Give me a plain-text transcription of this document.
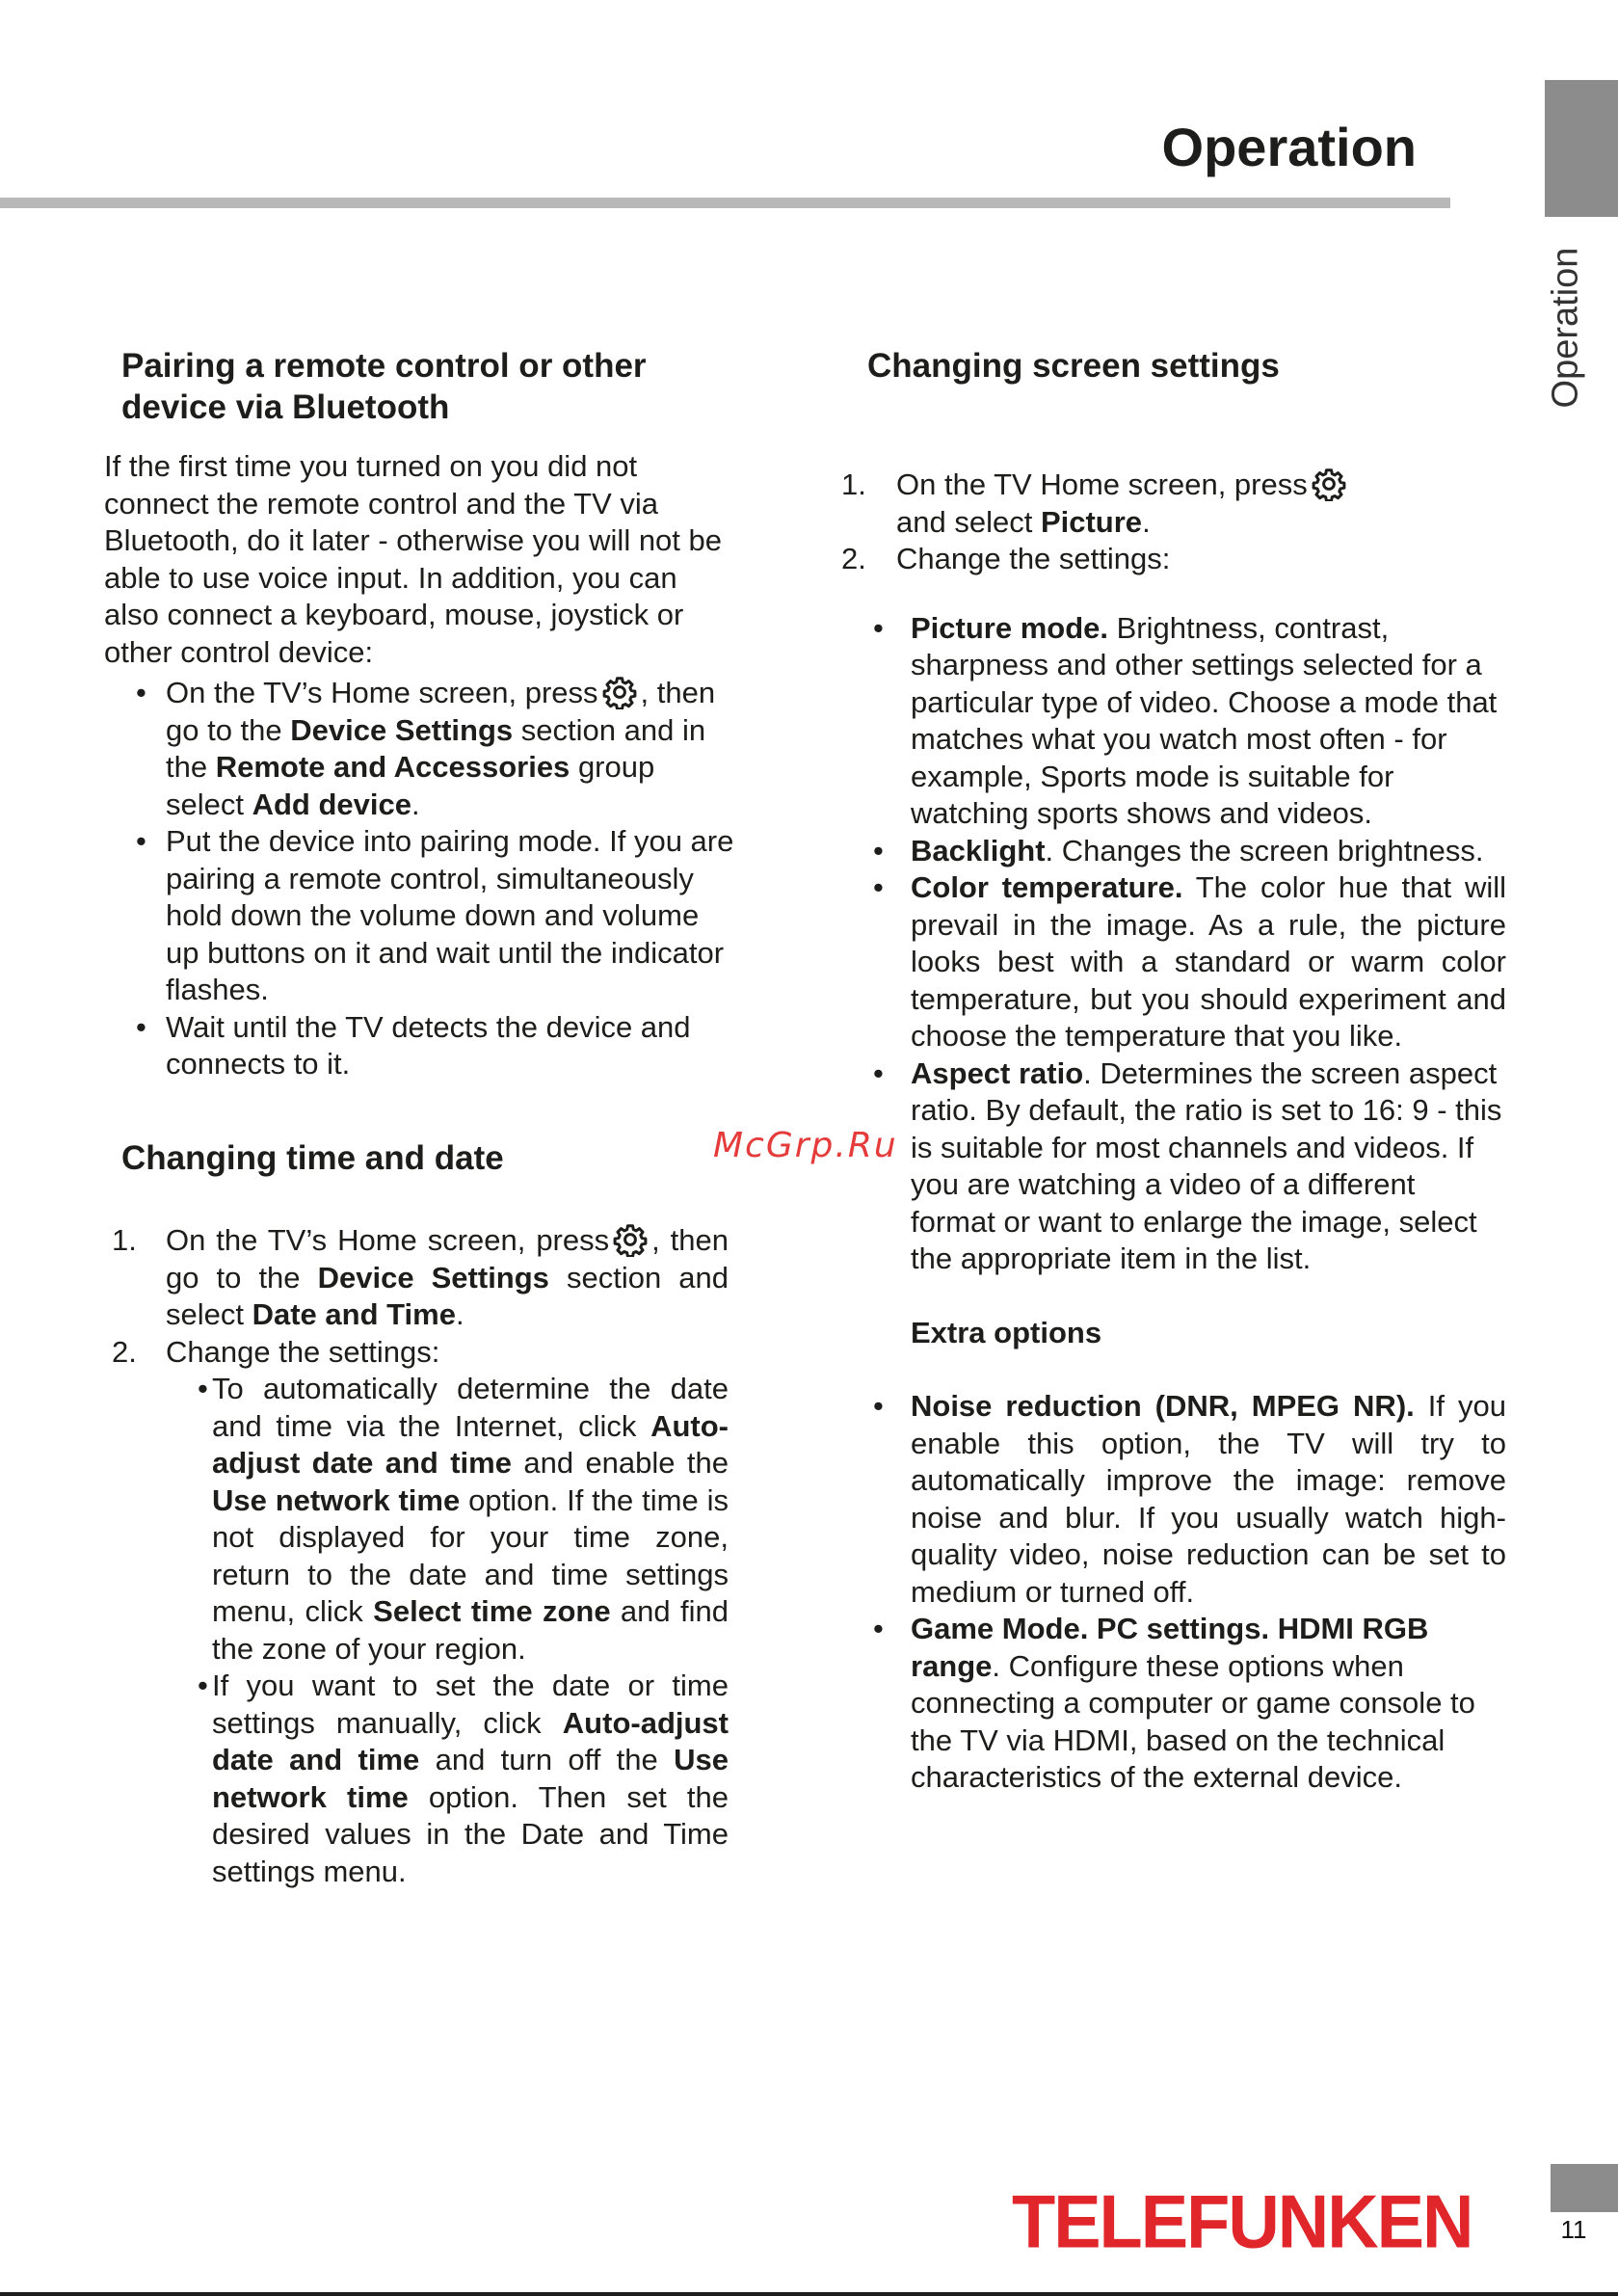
Operation
Operation
Pairing a remote control or other device via Bluetooth

If the first time you turned on you did not connect the remote control and the TV via Bluetooth, do it later - otherwise you will not be able to use voice input. In addition, you can also connect a keyboard, mouse, joystick or other control device:

• On the TV’s Home screen, press , then go to the Device Settings section and in the Remote and Accessories group select Add device.
• Put the device into pairing mode. If you are pairing a remote control, simultaneously hold down the volume down and volume up buttons on it and wait until the indicator flashes.
• Wait until the TV detects the device and connects to it.
Changing time and date
1. On the TV’s Home screen, press , then go to the Device Settings section and select Date and Time.
2. Change the settings:
• To automatically determine the date and time via the Internet, click Auto-adjust date and time and enable the Use network time option. If the time is not displayed for your time zone, return to the date and time settings menu, click Select time zone and find the zone of your region.
• If you want to set the date or time settings manually, click Auto-adjust date and time and turn off the Use network time option. Then set the desired values in the Date and Time settings menu.
Changing screen settings
1. On the TV Home screen, press
and select Picture.
2. Change the settings:
• Picture mode. Brightness, contrast, sharpness and other settings selected for a particular type of video. Choose a mode that matches what you watch most often - for example, Sports mode is suitable for watching sports shows and videos.
• Backlight. Changes the screen brightness.
• Color temperature. The color hue that will prevail in the image. As a rule, the picture looks best with a standard or warm color temperature, but you should experiment and choose the temperature that you like.
• Aspect ratio. Determines the screen aspect ratio. By default, the ratio is set to 16: 9 - this is suitable for most channels and videos. If you are watching a video of a different format or want to enlarge the image, select the appropriate item in the list.

Extra options

• Noise reduction (DNR, MPEG NR). If you enable this option, the TV will try to automatically improve the image: remove noise and blur. If you usually watch high-quality video, noise reduction can be set to medium or turned off.
• Game Mode. PC settings. HDMI RGB range. Configure these options when connecting a computer or game console to the TV via HDMI, based on the technical characteristics of the external device.
McGrp.Ru
TELEFUNKEN	11
